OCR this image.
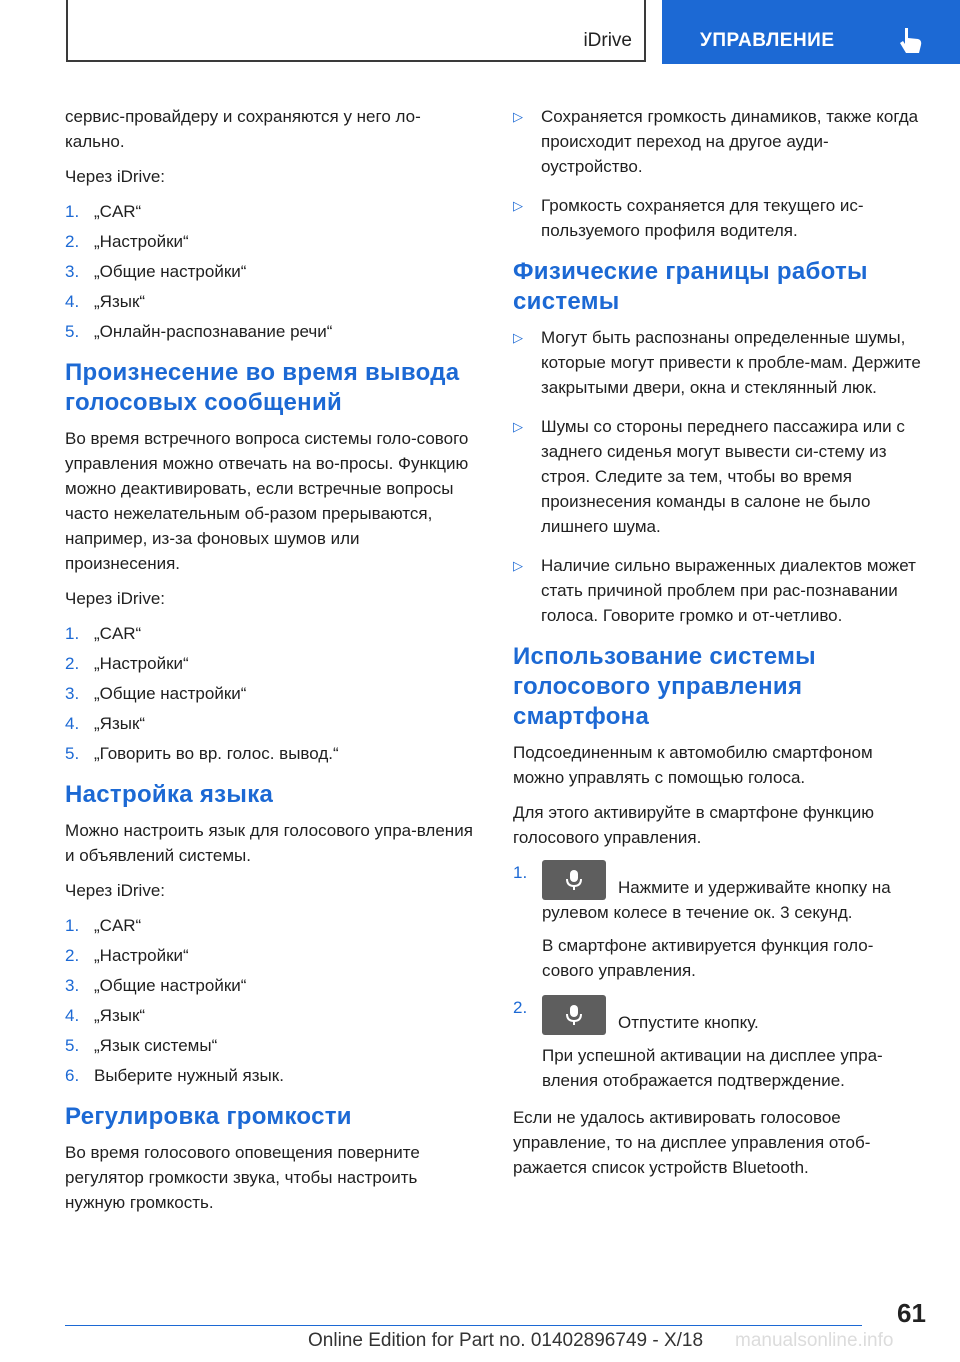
iDrive	УПРАВЛЕНИЕ

сервис-провайдеру и сохраняются у него ло-кально.

Через iDrive:

1. „CAR“
2. „Настройки“
3. „Общие настройки“
4. „Язык“
5. „Онлайн-распознавание речи“
Произнесение во время вывода голосовых сообщений

Во время встречного вопроса системы голо-сового управления можно отвечать на во-просы. Функцию можно деактивировать, если встречные вопросы часто нежелательным об-разом прерываются, например, из-за фоновых шумов или произнесения.

Через iDrive:

1. „CAR“
2. „Настройки“
3. „Общие настройки“
4. „Язык“
5. „Говорить во вр. голос. вывод.“
Настройка языка

Можно настроить язык для голосового упра-вления и объявлений системы.

Через iDrive:

1. „CAR“
2. „Настройки“
3. „Общие настройки“
4. „Язык“
5. „Язык системы“
6. Выберите нужный язык.
Регулировка громкости

Во время голосового оповещения поверните регулятор громкости звука, чтобы настроить нужную громкость.

▷ Сохраняется громкость динамиков, также когда происходит переход на другое ауди-оустройство.
▷ Громкость сохраняется для текущего ис-пользуемого профиля водителя.
Физические границы работы системы
▷ Могут быть распознаны определенные шумы, которые могут привести к пробле-мам. Держите закрытыми двери, окна и стеклянный люк.
▷ Шумы со стороны переднего пассажира или с заднего сиденья могут вывести си-стему из строя. Следите за тем, чтобы во время произнесения команды в салоне не было лишнего шума.
▷ Наличие сильно выраженных диалектов может стать причиной проблем при рас-познавании голоса. Говорите громко и от-четливо.
Использование системы голосового управления смартфона

Подсоединенным к автомобилю смартфоном можно управлять с помощью голоса.

Для этого активируйте в смартфоне функцию голосового управления.

1.
Нажмите и удерживайте кнопку на рулевом колесе в течение ок. 3 секунд.
В смартфоне активируется функция голо-сового управления.
2.
Отпустите кнопку.
При успешной активации на дисплее упра-вления отображается подтверждение.

Если не удалось активировать голосовое управление, то на дисплее управления отоб-ражается список устройств Bluetooth.

61
Online Edition for Part no. 01402896749 - X/18 manualsonline.info
